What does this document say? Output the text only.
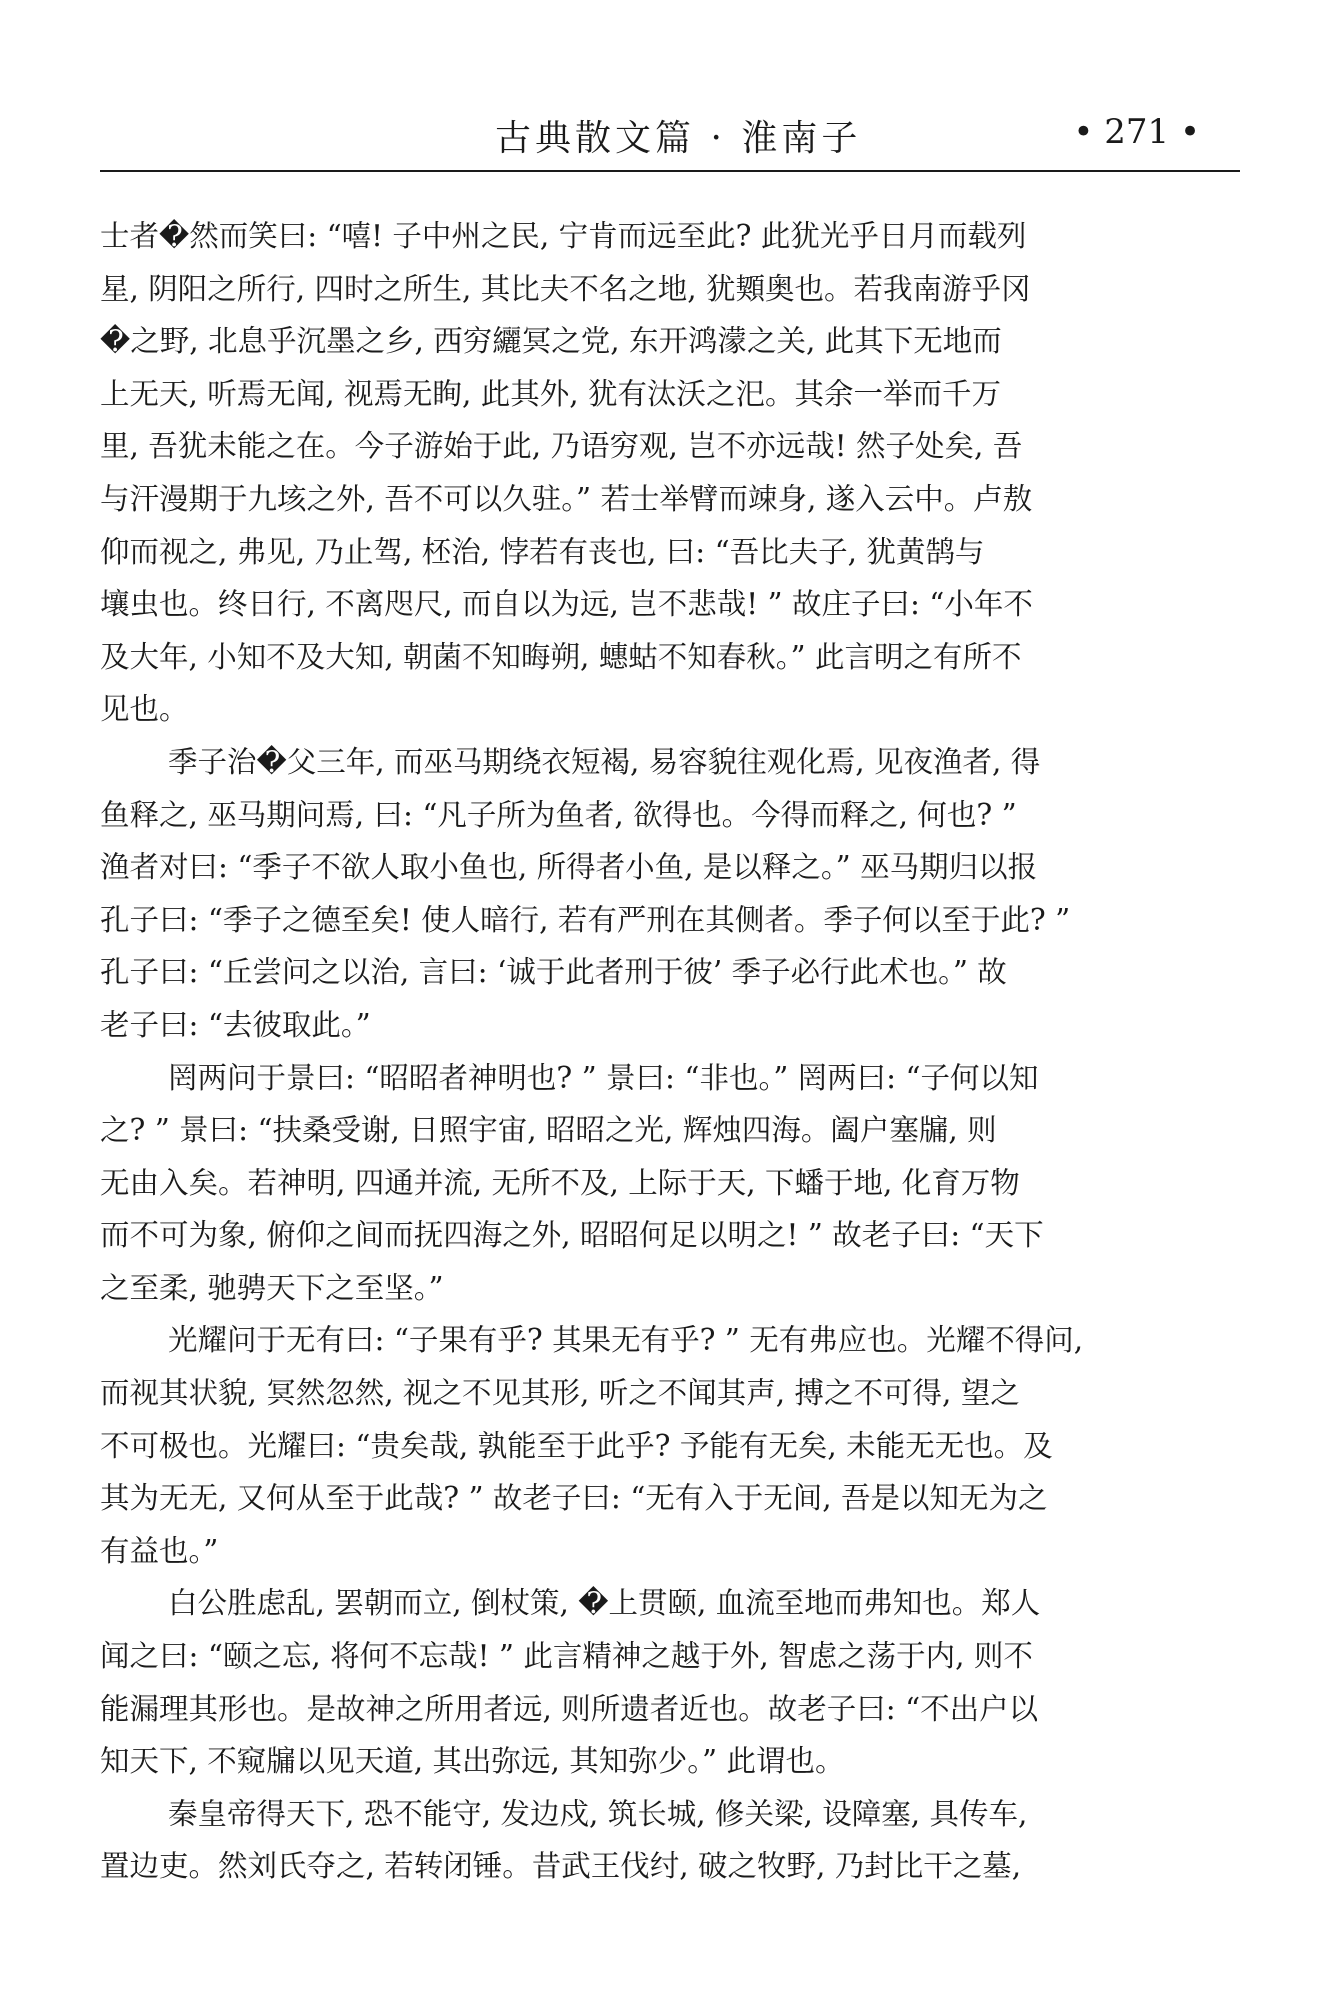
古典散文篇 · 淮南子	• 271 •
士者�然而笑曰: “嘻! 子中州之民, 宁肯而远至此? 此犹光乎日月而载列
星, 阴阳之所行, 四时之所生, 其比夫不名之地, 犹䫔奥也。若我南游乎冈
�之野, 北息乎沉墨之乡, 西穷纚冥之党, 东开鸿濛之关, 此其下无地而
上无天, 听焉无闻, 视焉无眴, 此其外, 犹有汰沃之汜。其余一举而千万
里, 吾犹未能之在。今子游始于此, 乃语穷观, 岂不亦远哉! 然子处矣, 吾
与汗漫期于九垓之外, 吾不可以久驻。” 若士举臂而竦身, 遂入云中。卢敖
仰而视之, 弗见, 乃止驾, 柸治, 悖若有丧也, 曰: “吾比夫子, 犹黄鹄与
壤虫也。终日行, 不离咫尺, 而自以为远, 岂不悲哉! ” 故庄子曰: “小年不
及大年, 小知不及大知, 朝菌不知晦朔, 蟪蛄不知春秋。” 此言明之有所不
见也。
季子治�父三年, 而巫马期绕衣短褐, 易容貌往观化焉, 见夜渔者, 得
鱼释之, 巫马期问焉, 曰: “凡子所为鱼者, 欲得也。今得而释之, 何也? ”
渔者对曰: “季子不欲人取小鱼也, 所得者小鱼, 是以释之。” 巫马期归以报
孔子曰: “季子之德至矣! 使人暗行, 若有严刑在其侧者。季子何以至于此? ”
孔子曰: “丘尝问之以治, 言曰: ‘诚于此者刑于彼’ 季子必行此术也。” 故
老子曰: “去彼取此。”
罔两问于景曰: “昭昭者神明也? ” 景曰: “非也。” 罔两曰: “子何以知
之? ” 景曰: “扶桑受谢, 日照宇宙, 昭昭之光, 辉烛四海。阖户塞牖, 则
无由入矣。若神明, 四通并流, 无所不及, 上际于天, 下蟠于地, 化育万物
而不可为象, 俯仰之间而抚四海之外, 昭昭何足以明之! ” 故老子曰: “天下
之至柔, 驰骋天下之至坚。”
光耀问于无有曰: “子果有乎? 其果无有乎? ” 无有弗应也。光耀不得问,
而视其状貌, 冥然忽然, 视之不见其形, 听之不闻其声, 搏之不可得, 望之
不可极也。光耀曰: “贵矣哉, 孰能至于此乎? 予能有无矣, 未能无无也。及
其为无无, 又何从至于此哉? ” 故老子曰: “无有入于无间, 吾是以知无为之
有益也。”
白公胜虑乱, 罢朝而立, 倒杖策, �上贯颐, 血流至地而弗知也。郑人
闻之曰: “颐之忘, 将何不忘哉! ” 此言精神之越于外, 智虑之荡于内, 则不
能漏理其形也。是故神之所用者远, 则所遗者近也。故老子曰: “不出户以
知天下, 不窥牖以见天道, 其出弥远, 其知弥少。” 此谓也。
秦皇帝得天下, 恐不能守, 发边戍, 筑长城, 修关梁, 设障塞, 具传车,
置边吏。然刘氏夺之, 若转闭锤。昔武王伐纣, 破之牧野, 乃封比干之墓,
